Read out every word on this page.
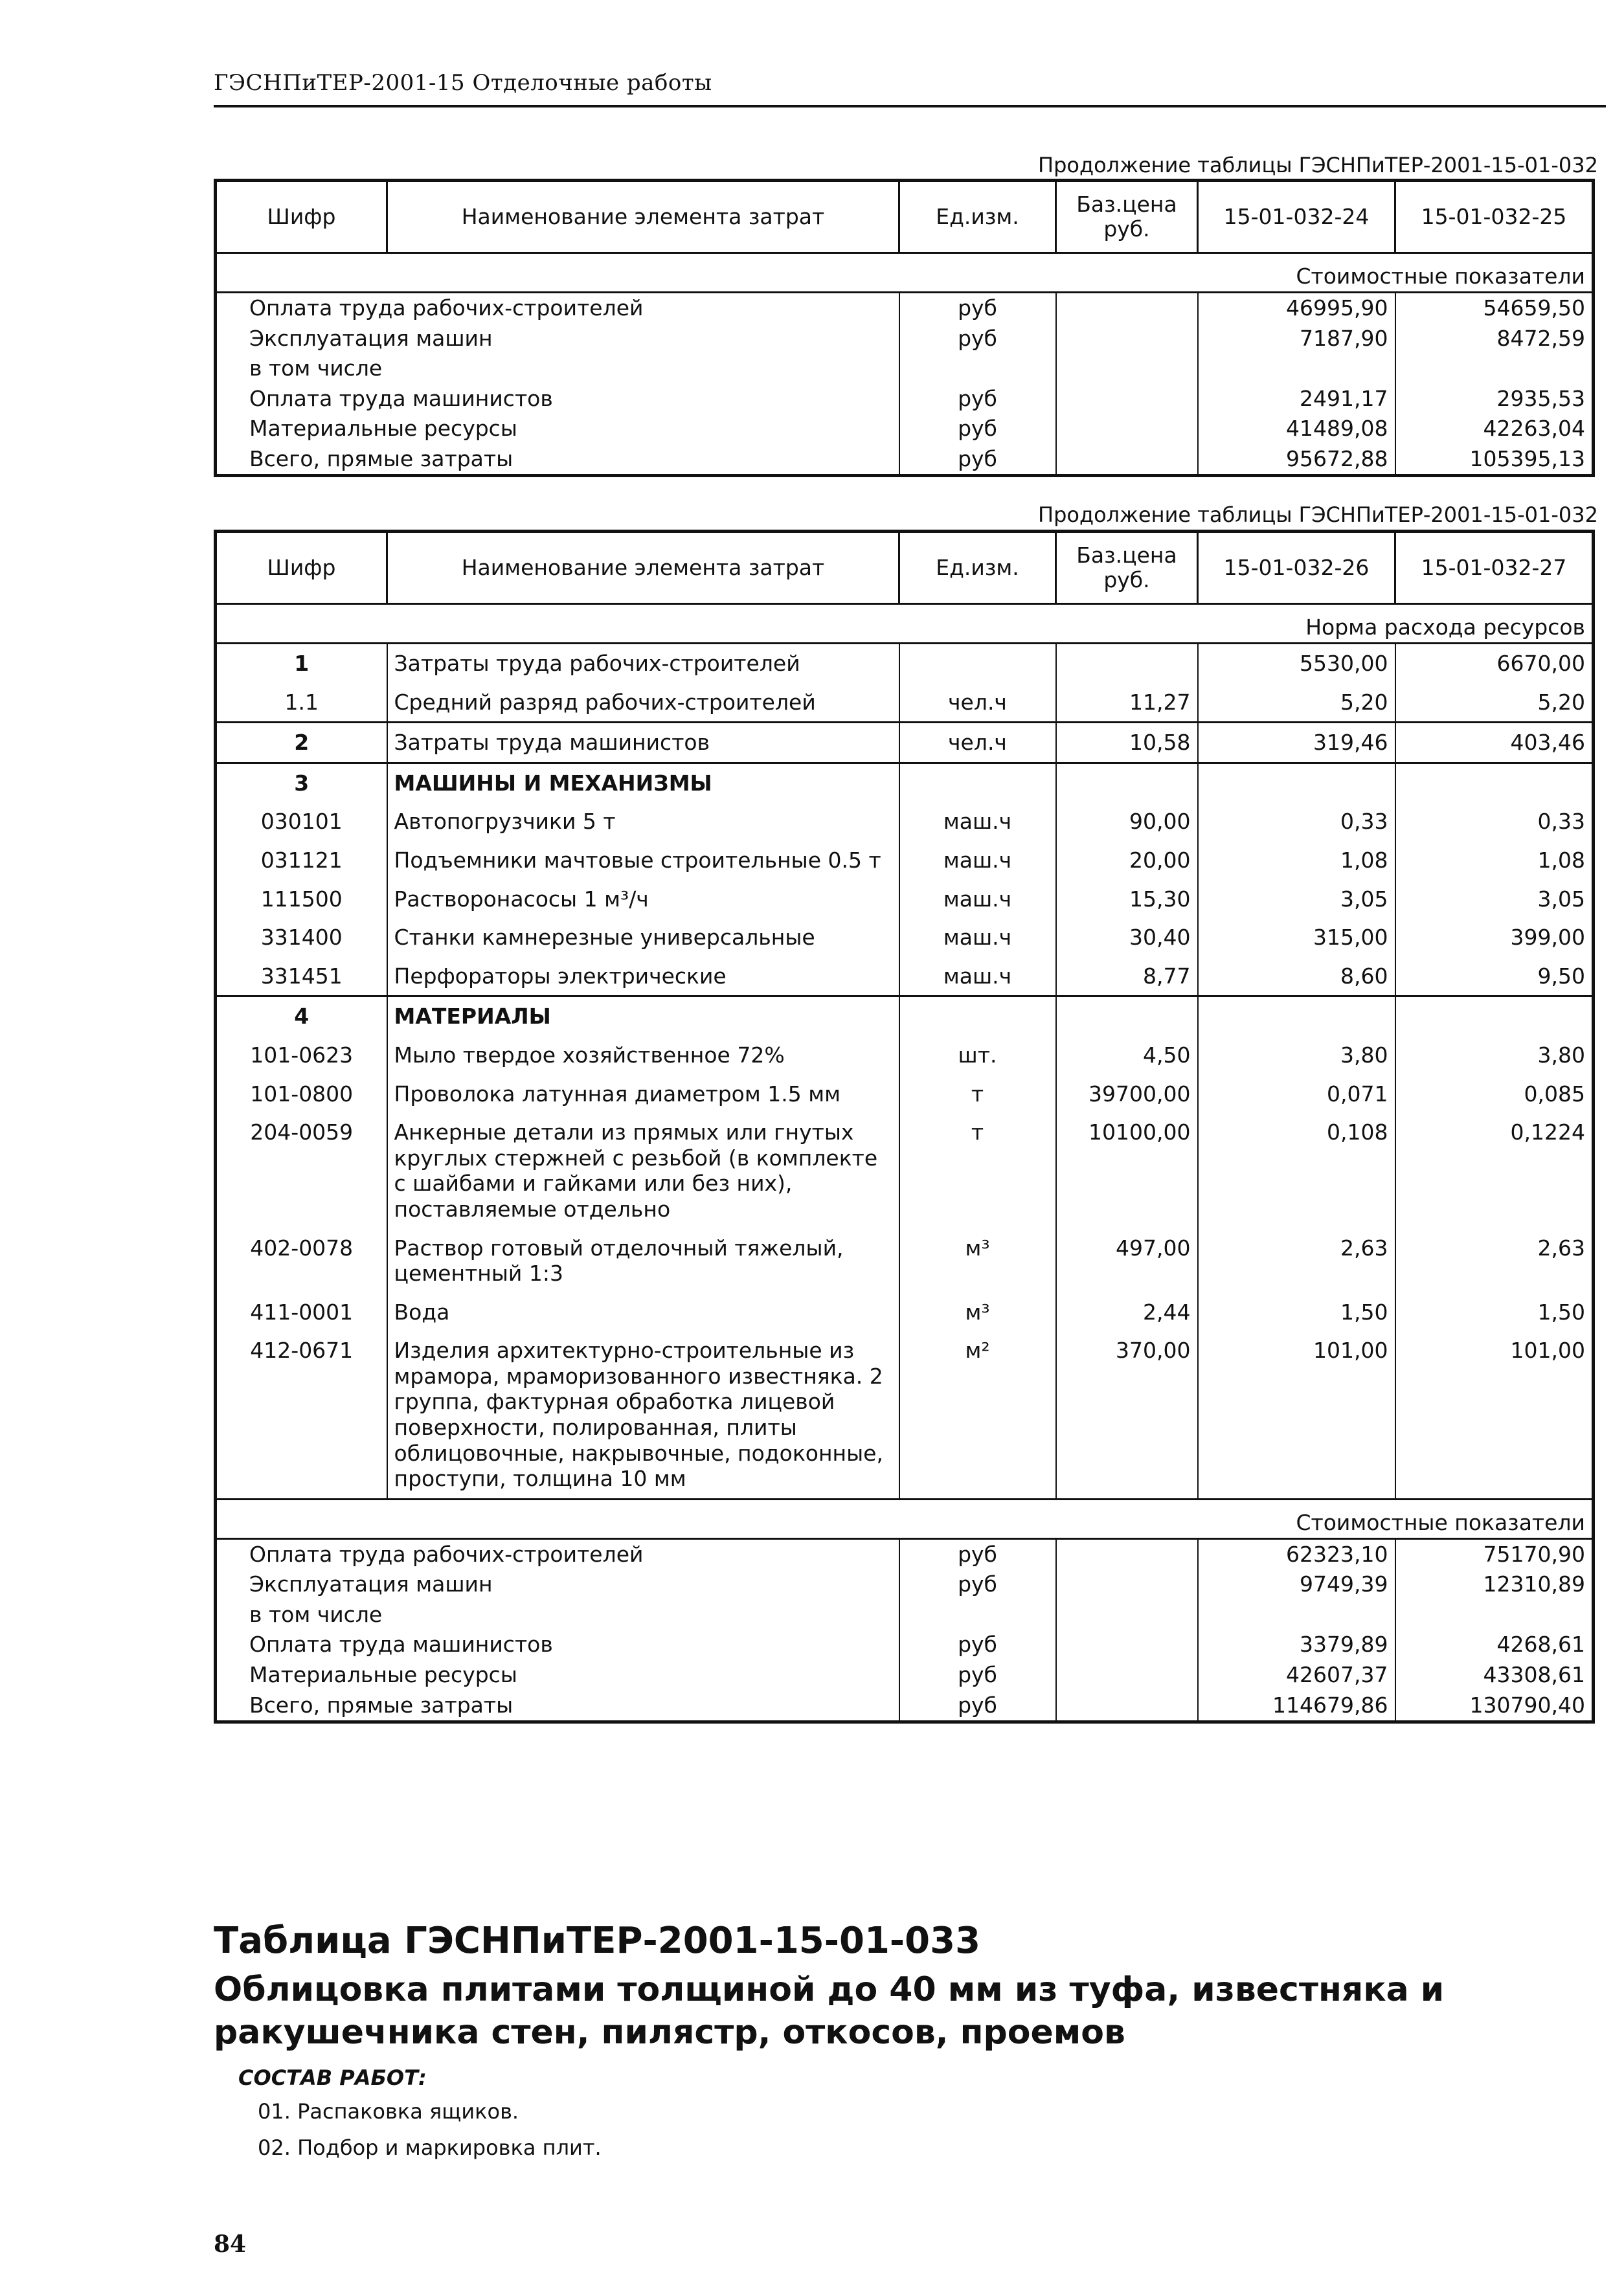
ГЭСНПиТЕР-2001-15 Отделочные работы
Продолжение таблицы ГЭСНПиТЕР-2001-15-01-032
Шифр	Наименование элемента затрат	Ед.изм.	Баз.цена руб.	15-01-032-24	15-01-032-25
Стоимостные показатели					
Оплата труда рабочих-строителей		руб		46995,90	54659,50
Эксплуатация машин		руб		7187,90	8472,59
в том числе					
Оплата труда машинистов		руб		2491,17	2935,53
Материальные ресурсы		руб		41489,08	42263,04
Всего, прямые затраты		руб		95672,88	105395,13
Продолжение таблицы ГЭСНПиТЕР-2001-15-01-032
Шифр	Наименование элемента затрат	Ед.изм.	Баз.цена руб.	15-01-032-26	15-01-032-27
Норма расхода ресурсов					
1	Затраты труда рабочих-строителей			5530,00	6670,00
1.1	Средний разряд рабочих-строителей	чел.ч	11,27	5,20	5,20
2	Затраты труда машинистов	чел.ч	10,58	319,46	403,46
3	МАШИНЫ И МЕХАНИЗМЫ				
030101	Автопогрузчики 5 т	маш.ч	90,00	0,33	0,33
031121	Подъемники мачтовые строительные 0.5 т	маш.ч	20,00	1,08	1,08
111500	Растворонасосы 1 м³/ч	маш.ч	15,30	3,05	3,05
331400	Станки камнерезные универсальные	маш.ч	30,40	315,00	399,00
331451	Перфораторы электрические	маш.ч	8,77	8,60	9,50
4	МАТЕРИАЛЫ				
101-0623	Мыло твердое хозяйственное 72%	шт.	4,50	3,80	3,80
101-0800	Проволока латунная диаметром 1.5 мм	т	39700,00	0,071	0,085
204-0059	Анкерные детали из прямых или гнутых круглых стержней с резьбой (в комплекте с шайбами и гайками или без них), поставляемые отдельно	т	10100,00	0,108	0,1224
402-0078	Раствор готовый отделочный тяжелый, цементный 1:3	м³	497,00	2,63	2,63
411-0001	Вода	м³	2,44	1,50	1,50
412-0671	Изделия архитектурно-строительные из мрамора, мраморизованного известняка. 2 группа, фактурная обработка лицевой поверхности, полированная, плиты облицовочные, накрывочные, подоконные, проступи, толщина 10 мм	м²	370,00	101,00	101,00
Стоимостные показатели					
Оплата труда рабочих-строителей		руб		62323,10	75170,90
Эксплуатация машин		руб		9749,39	12310,89
в том числе					
Оплата труда машинистов		руб		3379,89	4268,61
Материальные ресурсы		руб		42607,37	43308,61
Всего, прямые затраты		руб		114679,86	130790,40
Таблица ГЭСНПиТЕР-2001-15-01-033
Облицовка плитами толщиной до 40 мм из туфа, известняка и ракушечника стен, пилястр, откосов, проемов
СОСТАВ РАБОТ:
01. Распаковка ящиков.
02. Подбор и маркировка плит.
84
